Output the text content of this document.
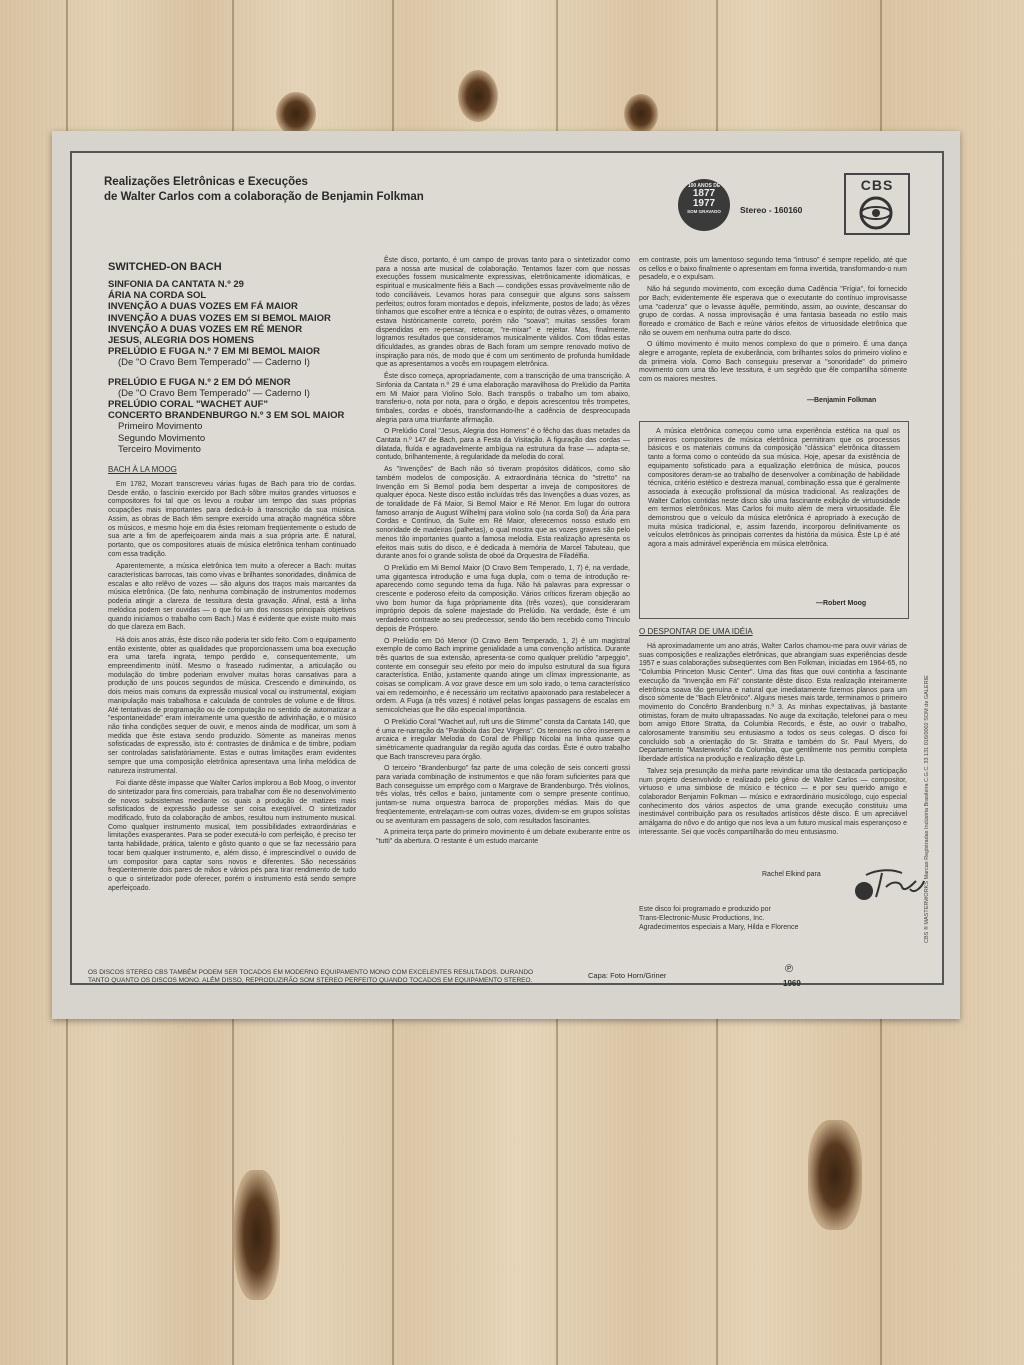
Realizações Eletrônicas e Execuções
de Walter Carlos com a colaboração de Benjamin Folkman
100 ANOS DE
1877
1977
SOM GRAVADO	Stereo - 160160
CBS
SWITCHED-ON BACH
SINFONIA DA CANTATA N.º 29
ÁRIA NA CORDA SOL
INVENÇÃO A DUAS VOZES EM FÁ MAIOR
INVENÇÃO A DUAS VOZES EM SI BEMOL MAIOR
INVENÇÃO A DUAS VOZES EM RÉ MENOR
JESUS, ALEGRIA DOS HOMENS
PRELÚDIO E FUGA N.º 7 EM MI BEMOL MAIOR
(De "O Cravo Bem Temperado" — Caderno I)
PRELÚDIO E FUGA N.º 2 EM DÓ MENOR
(De "O Cravo Bem Temperado" — Caderno I)
PRELÚDIO CORAL "WACHET AUF"
CONCERTO BRANDENBURGO N.º 3 EM SOL MAIOR
Primeiro Movimento
Segundo Movimento
Terceiro Movimento
BACH À LA MOOG

Em 1782, Mozart transcreveu várias fugas de Bach para trio de cordas. Desde então, o fascínio exercido por Bach sôbre muitos grandes virtuosos e compositores foi tal que os levou a roubar um tempo das suas próprias ocupações mais importantes para dedicá-lo à transcrição da sua música. Assim, as obras de Bach têm sempre exercido uma atração magnética sôbre os músicos, e mesmo hoje em dia êstes retornam freqüentemente o estudo de sua arte a fim de aperfeiçoarem ainda mais a sua própria arte. É natural, portanto, que os compositores atuais de música eletrônica tenham continuado com essa tradição.

Aparentemente, a música eletrônica tem muito a oferecer a Bach: muitas características barrocas, tais como vivas e brilhantes sonoridades, dinâmica de escalas e alto relêvo de vozes — são alguns dos traços mais marcantes da música eletrônica. (De fato, nenhuma combinação de instrumentos modernos poderia atingir a clareza de tessitura desta gravação. Afinal, está a linha melódica podem ser ouvidas — o que foi um dos nossos principais objetivos quando iniciamos o trabalho com Bach.) Mas é evidente que existe muito mais do que clareza em Bach.

Há dois anos atrás, êste disco não poderia ter sido feito. Com o equipamento então existente, obter as qualidades que proporcionassem uma boa execução era uma tarefa ingrata, tempo perdido e, consequentemente, um empreendimento inútil. Mesmo o fraseado rudimentar, a articulação ou modulação do timbre poderiam envolver muitas horas cansativas para a produção de uns poucos segundos de música. Crescendo e diminuindo, os dois meios mais comuns da expressão musical vocal ou instrumental, exigiam manipulação mais trabalhosa e calculada de controles de volume e de filtros. Até tentativas de programação ou de computação no sentido de automatizar a "espontaneidade" eram inteiramente uma questão de adivinhação, e o músico não tinha condições sequer de ouvir, e menos ainda de modificar, um som à medida que êste estava sendo produzido. Sòmente as maneiras menos sofisticadas de expressão, isto é: contrastes de dinâmica e de timbre, podiam ser controladas satisfatòriamente. Estas e outras limitações eram evidentes sempre que uma composição eletrônica apresentava uma linha melódica de natureza instrumental.

Foi diante dêste impasse que Walter Carlos implorou a Bob Moog, o inventor do sintetizador para fins comerciais, para trabalhar com êle no desenvolvimento de novos subsistemas mediante os quais a produção de matizes mais sofisticados de expressão pudesse ser coisa exeqüível. O sintetizador modificado, fruto da colaboração de ambos, resultou num instrumento musical. Como qualquer instrumento musical, tem possibilidades extraordinárias e limitações exasperantes. Para se poder executá-lo com perfeição, é preciso ter tanta habilidade, prática, talento e gôsto quanto o que se faz necessário para tocar bem qualquer instrumento, e, além disso, é imprescindível o ouvido de um compositor para captar sons novos e diferentes. São necessários freqüentemente dois pares de mãos e vários pés para tirar rendimento de tudo o que o sintetizador pode oferecer, porém o instrumento está sendo sempre aperfeiçoado.

Êste disco, portanto, é um campo de provas tanto para o sintetizador como para a nossa arte musical de colaboração. Tentamos fazer com que nossas execuções fossem musicalmente expressivas, eletrônicamente idiomáticas, e espiritual e musicalmente fiéis a Bach — condições essas provàvelmente não de todo conciliáveis. Levamos horas para conseguir que alguns sons saíssem perfeitos; outros foram montados e depois, infelizmente, postos de lado; às vêzes tínhamos que escolher entre a técnica e o espírito; de outras vêzes, o ornamento estava històricamente correto, porém não "soava"; muitas sessões foram dispendidas em re-pensar, retocar, "re-mixar" e rejeitar. Mas, finalmente, logramos resultados que consideramos musicalmente válidos. Com tôdas estas dificuldades, as grandes obras de Bach foram um sempre renovado motivo de inspiração para nós, de modo que é com um sentimento de profunda humildade que as apresentamos a vocês em roupagem eletrônica.

Êste disco começa, apropriadamente, com a transcrição de uma transcrição. A Sinfonia da Cantata n.º 29 é uma elaboração maravilhosa do Prelúdio da Partita em Mi Maior para Violino Solo. Bach transpôs o trabalho um tom abaixo, transferiu-o, nota por nota, para o órgão, e depois acrescentou três trompetes, timbales, cordas e oboés, transformando-lhe a cadência de despreocupada alegria para uma triunfante afirmação.

O Prelúdio Coral "Jesus, Alegria dos Homens" é o fêcho das duas metades da Cantata n.º 147 de Bach, para a Festa da Visitação. A figuração das cordas — dilatada, fluída e agradavelmente ambígua na estrutura da frase — adapta-se, contudo, brilhantemente, à regularidade da melodia do coral.

As "Invenções" de Bach não só tiveram propósitos didáticos, como são também modelos de composição. A extraordinária técnica do "stretto" na Invenção em Si Bemol podia bem despertar a inveja de compositores de qualquer época. Neste disco estão incluídas três das Invenções a duas vozes, as de tonalidade de Fá Maior, Si Bemol Maior e Ré Menor. Em lugar do outrora famoso arranjo de August Wilhelmj para violino solo (na corda Sol) da Ária para Cordas e Contínuo, da Suíte em Ré Maior, oferecemos nosso estudo em sonoridade de madeiras (palhetas), o qual mostra que as vozes graves são pelo menos tão importantes quanto a famosa melodia. Esta realização apresenta os efeitos mais sutis do disco, e é dedicada à memória de Marcel Tabuteau, que durante anos foi o grande solista de oboé da Orquestra de Filadélfia.

O Prelúdio em Mi Bemol Maior (O Cravo Bem Temperado, 1, 7) é, na verdade, uma gigantesca introdução e uma fuga dupla, com o tema de introdução re-aparecendo como segundo tema da fuga. Não há palavras para expressar o crescente e poderoso efeito da composição. Vários críticos fizeram objeção ao vivo bom humor da fuga pròpriamente dita (três vozes), que consideraram impróprio depois da solene majestade do Prelúdio. Na verdade, êste é um verdadeiro contraste ao seu predecessor, sendo tão bem recebido como Trinculo depois de Próspero.

O Prelúdio em Dó Menor (O Cravo Bem Temperado, 1, 2) é um magistral exemplo de como Bach imprime genialidade a uma convenção artística. Durante três quartos de sua extensão, apresenta-se como qualquer prelúdio "arpeggio", contente em conseguir seu efeito por meio do impulso estrutural da sua figura característica. Então, justamente quando atinge um clímax impressionante, as coisas se complicam. A voz grave desce em um solo irado, o tema característico vai em redemoinho, e é necessário um recitativo apaixonado para restabelecer a ordem. A Fuga (a três vozes) é notável pelas longas passagens de escalas em semicolcheias que lhe dão especial importância.

O Prelúdio Coral "Wachet auf, ruft uns die Stimme" consta da Cantata 140, que é uma re-narração da "Parábola das Dez Virgens". Os tenores no côro inserem a arcaica e irregular Melodia do Coral de Phillipp Nicolai na linha quase que simètricamente quadrangular da região aguda das cordas. Êste é outro trabalho que Bach transcreveu para órgão.

O terceiro "Brandenburgo" faz parte de uma coleção de seis concerti grossi para variada combinação de instrumentos e que não foram suficientes para que Bach conseguisse um emprêgo com o Margrave de Brandenburgo. Três violinos, três violas, três cellos e baixo, juntamente com o sempre presente contínuo, juntam-se numa orquestra barroca de proporções médias. Mais do que freqüentemente, entrelaçam-se com outras vozes, dividem-se em grupos solistas ou se aventuram em passagens de solo, com resultados fascinantes.

A primeira terça parte do primeiro movimento é um debate exuberante entre os "tutti" da abertura. O restante é um estudo marcante

em contraste, pois um lamentoso segundo tema "intruso" é sempre repelido, até que os cellos e o baixo finalmente o apresentam em forma invertida, transformando-o num pesadelo, e o expulsam.

Não há segundo movimento, com exceção duma Cadência "Frígia", foi fornecido por Bach; evidentemente êle esperava que o executante do contínuo improvisasse uma "cadenza" que o levasse àquêle, permitindo, assim, ao ouvinte, descansar do grupo de cordas. A nossa improvisação é uma fantasia baseada no estilo mais floreado e cromático de Bach e reúne vários efeitos de virtuosidade eletrônica que não se ouvem em nenhuma outra parte do disco.

O último movimento é muito menos complexo do que o primeiro. É uma dança alegre e arrogante, repleta de exuberância, com brilhantes solos do primeiro violino e da primeira viola. Como Bach conseguiu preservar a "sonoridade" do primeiro movimento com uma tão leve tessitura, é um segrêdo que êle compartilha sòmente com os maiores mestres.

—Benjamin Folkman
A música eletrônica começou como uma experiência estética na qual os primeiros compositores de música eletrônica permitiram que os processos básicos e os materiais comuns da composição "clássica" eletrônica ditassem tanto a forma como o conteúdo da sua música. Hoje, apesar da existência de equipamento sofisticado para a equalização eletrônica de música, poucos compositores deram-se ao trabalho de desenvolver a combinação de habilidade técnica, critério estético e destreza manual, combinação essa que é geralmente associada à execução profissional da música tradicional. As realizações de Walter Carlos contidas neste disco são uma fascinante exibição de virtuosidade em termos eletrônicos. Mas Carlos foi muito além de mera virtuosidade. Êle demonstrou que o veículo da música eletrônica é apropriado à execução de muita música tradicional, e, assim fazendo, incorporou definitivamente os veículos eletrônicos às principais correntes da história da música. Êste Lp é até agora a mais admirável experiência em música eletrônica.
—Robert Moog
O DESPONTAR DE UMA IDÉIA

Há aproximadamente um ano atrás, Walter Carlos chamou-me para ouvir várias de suas composições e realizações eletrônicas, que abrangiam suas experiências desde 1957 e suas colaborações subseqüentes com Ben Folkman, iniciadas em 1964-65, no "Columbia Princeton Music Center". Uma das fitas que ouvi continha a fascinante execução da "Invenção em Fá" constante dêste disco. Esta realização inteiramente eletrônica soava tão genuína e natural que imediatamente fizemos planos para um disco sòmente de "Bach Eletrônico". Alguns meses mais tarde, terminamos o primeiro movimento do Concêrto Brandenburg n.º 3. As minhas expectativas, já bastante otimistas, foram de muito ultrapassadas. No auge da excitação, telefonei para o meu bom amigo Ettore Stratta, da Columbia Records, e êste, ao ouvir o trabalho, calorosamente transmitiu seu entusiasmo a todos os seus colegas. O disco foi concluído sob a orientação do Sr. Stratta e também do Sr. Paul Myers, do Departamento "Masterworks" da Columbia, que gentilmente nos permitiu completa liberdade artística na produção e realização dêste Lp.

Talvez seja presunção da minha parte reivindicar uma tão destacada participação num projeto desenvolvido e realizado pelo gênio de Walter Carlos — compositor, virtuoso e uma simbiose de músico e técnico — e por seu querido amigo e colaborador Benjamin Folkman — músico e extraordinário musicólogo, cujo especial conhecimento dos vários aspectos de uma grande execução constituiu uma inestimável contribuição para os resultados artísticos dêste disco. É um apreciável amálgama do nôvo e do antigo que nos leva a um futuro musical mais esperançoso e interessante. Sei que vocês compartilharão do meu entusiasmo.

Rachel Elkind para
Este disco foi programado e produzido por
Trans-Electronic-Music Productions, Inc.
Agradecimentos especiais a Mary, Hilda e Florence	CBS ® MASTERWORKS Marcas Registradas Indústria Brasileira C.G.C. 33 131 016/0002 SOM de GALERIE
OS DISCOS STEREO CBS TAMBÉM PODEM SER TOCADOS EM MODERNO EQUIPAMENTO MONO COM EXCELENTES RESULTADOS. DURANDO
TANTO QUANTO OS DISCOS MONO. ALÉM DISSO, REPRODUZIRÃO SOM STEREO PERFEITO QUANDO TOCADOS EM EQUIPAMENTO STEREO.
Capa: Foto Horn/Griner
℗
1969
